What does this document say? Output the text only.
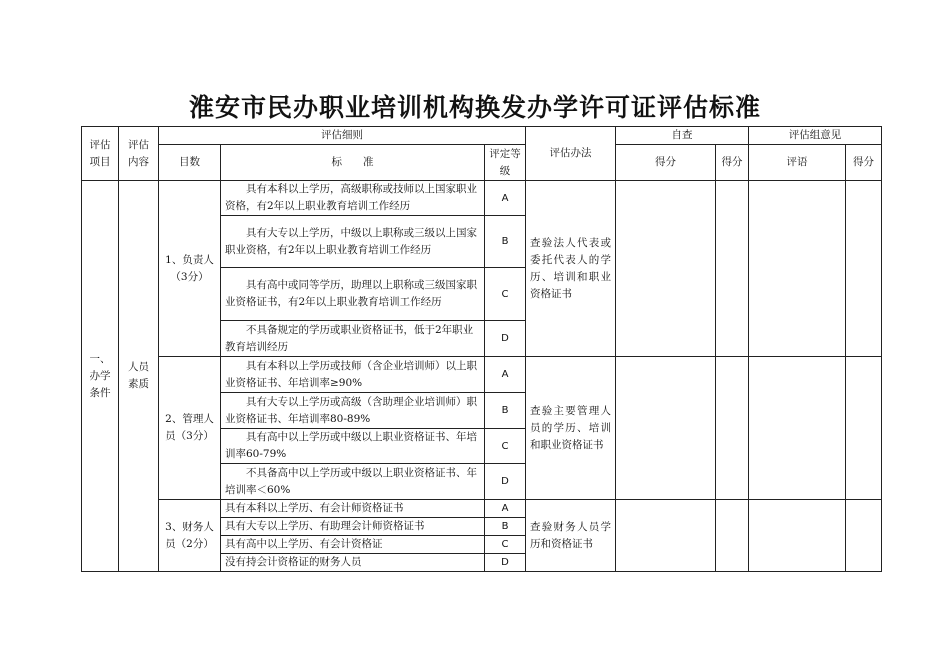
淮安市民办职业培训机构换发办学许可证评估标准
评估项目	评估内容	评估细则			评估办法	自查		评估组意见	
		目数	标　　准	评定等级		得分	得分	评语	得分
一、办学条件	人员素质	1、负责人（3分）	具有本科以上学历，高级职称或技师以上国家职业资格，有2年以上职业教育培训工作经历	A	查验法人代表或委托代表人的学历、培训和职业资格证书				
			具有大专以上学历，中级以上职称或三级以上国家职业资格，有2年以上职业教育培训工作经历	B					
			具有高中或同等学历，助理以上职称或三级国家职业资格证书，有2年以上职业教育培训工作经历	C					
			不具备规定的学历或职业资格证书，低于2年职业教育培训经历	D					
		2、管理人员（3分）	具有本科以上学历或技师（含企业培训师）以上职业资格证书、年培训率≥90%	A	查验主要管理人员的学历、培训和职业资格证书				
			具有大专以上学历或高级（含助理企业培训师）职业资格证书、年培训率80-89%	B					
			具有高中以上学历或中级以上职业资格证书、年培训率60-79%	C					
			不具备高中以上学历或中级以上职业资格证书、年培训率＜60%	D					
		3、财务人员（2分）	具有本科以上学历、有会计师资格证书	A	查验财务人员学历和资格证书				
			具有大专以上学历、有助理会计师资格证书	B					
			具有高中以上学历、有会计资格证	C					
			没有持会计资格证的财务人员	D					
